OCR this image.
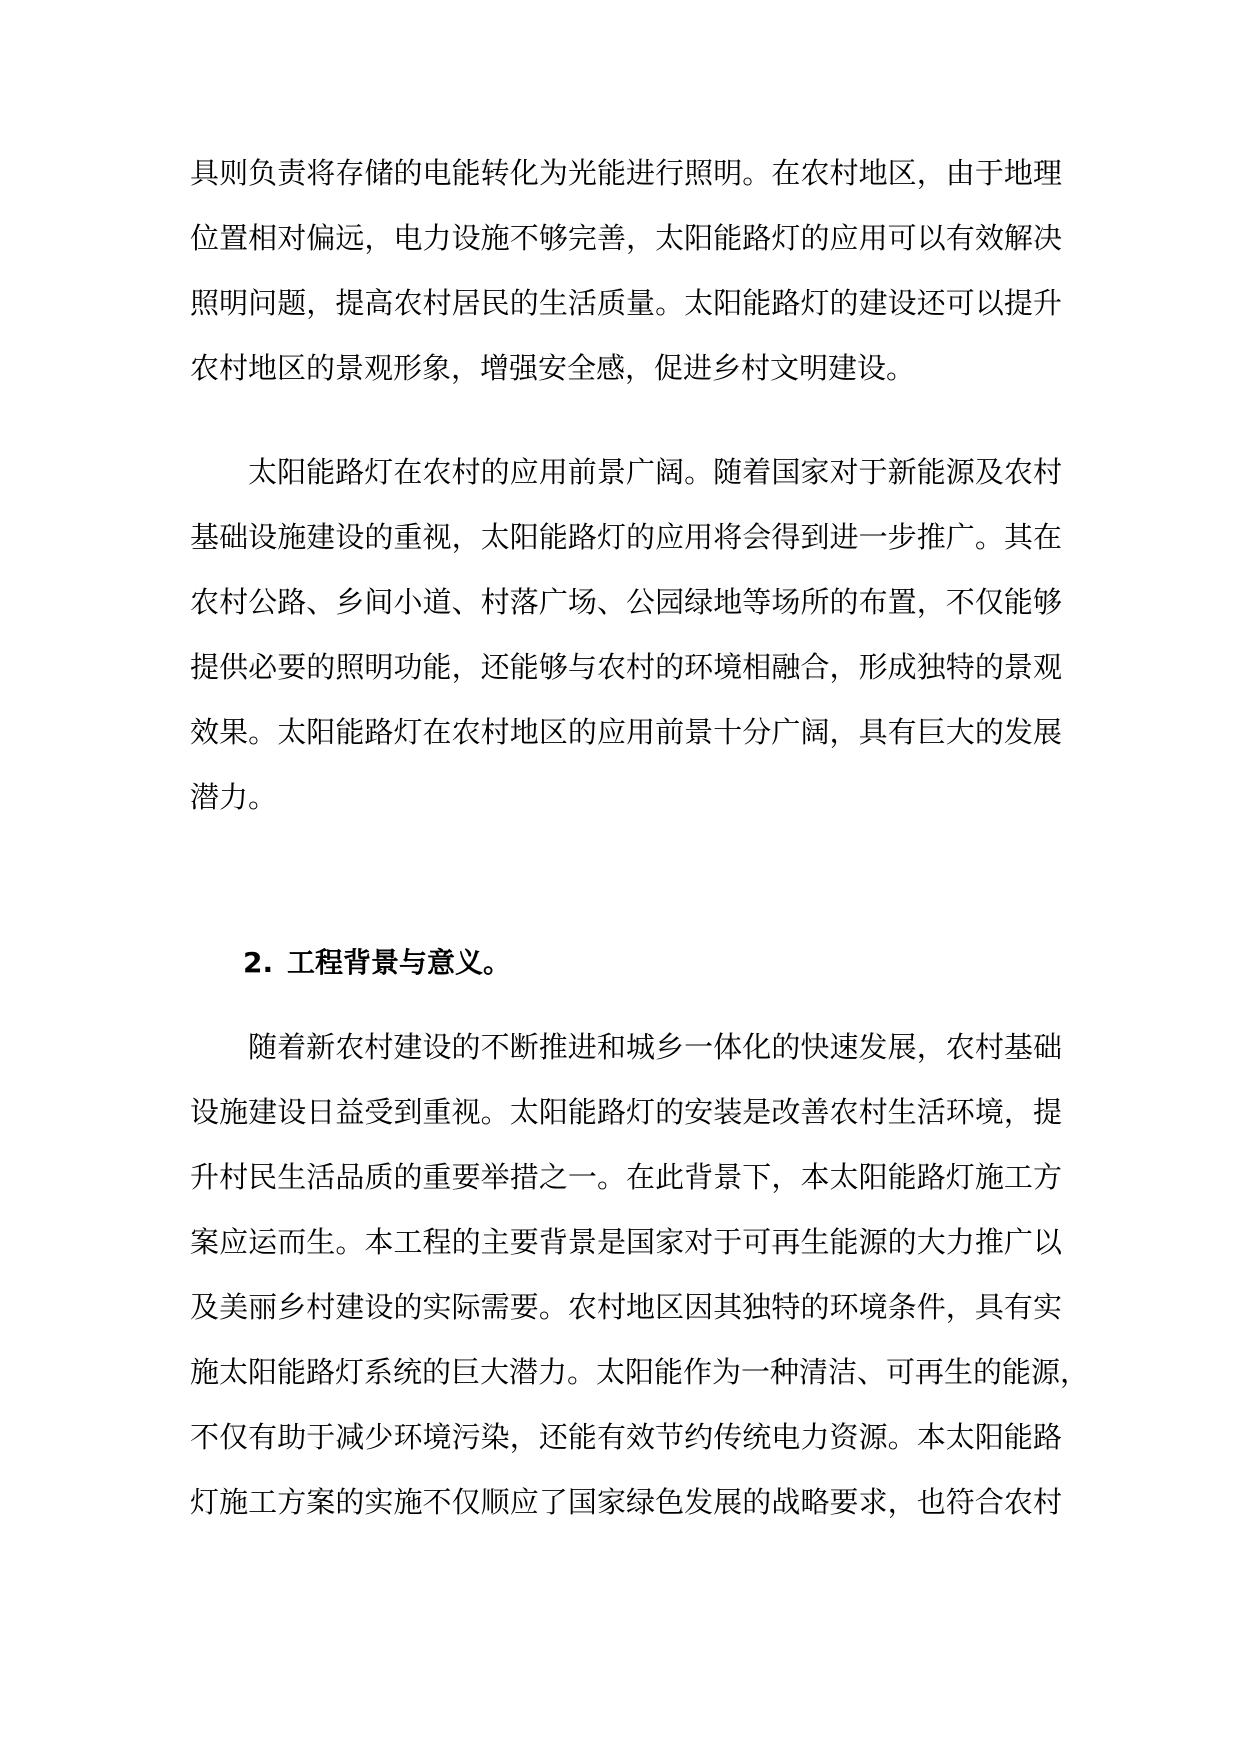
具则负责将存储的电能转化为光能进行照明。在农村地区，由于地理
位置相对偏远，电力设施不够完善，太阳能路灯的应用可以有效解决
照明问题，提高农村居民的生活质量。太阳能路灯的建设还可以提升
农村地区的景观形象，增强安全感，促进乡村文明建设。
太阳能路灯在农村的应用前景广阔。随着国家对于新能源及农村
基础设施建设的重视，太阳能路灯的应用将会得到进一步推广。其在
农村公路、乡间小道、村落广场、公园绿地等场所的布置，不仅能够
提供必要的照明功能，还能够与农村的环境相融合，形成独特的景观
效果。太阳能路灯在农村地区的应用前景十分广阔，具有巨大的发展
潜力。
2. 工程背景与意义。
随着新农村建设的不断推进和城乡一体化的快速发展，农村基础
设施建设日益受到重视。太阳能路灯的安装是改善农村生活环境，提
升村民生活品质的重要举措之一。在此背景下，本太阳能路灯施工方
案应运而生。本工程的主要背景是国家对于可再生能源的大力推广以
及美丽乡村建设的实际需要。农村地区因其独特的环境条件，具有实
施太阳能路灯系统的巨大潜力。太阳能作为一种清洁、可再生的能源，
不仅有助于减少环境污染，还能有效节约传统电力资源。本太阳能路
灯施工方案的实施不仅顺应了国家绿色发展的战略要求，也符合农村
